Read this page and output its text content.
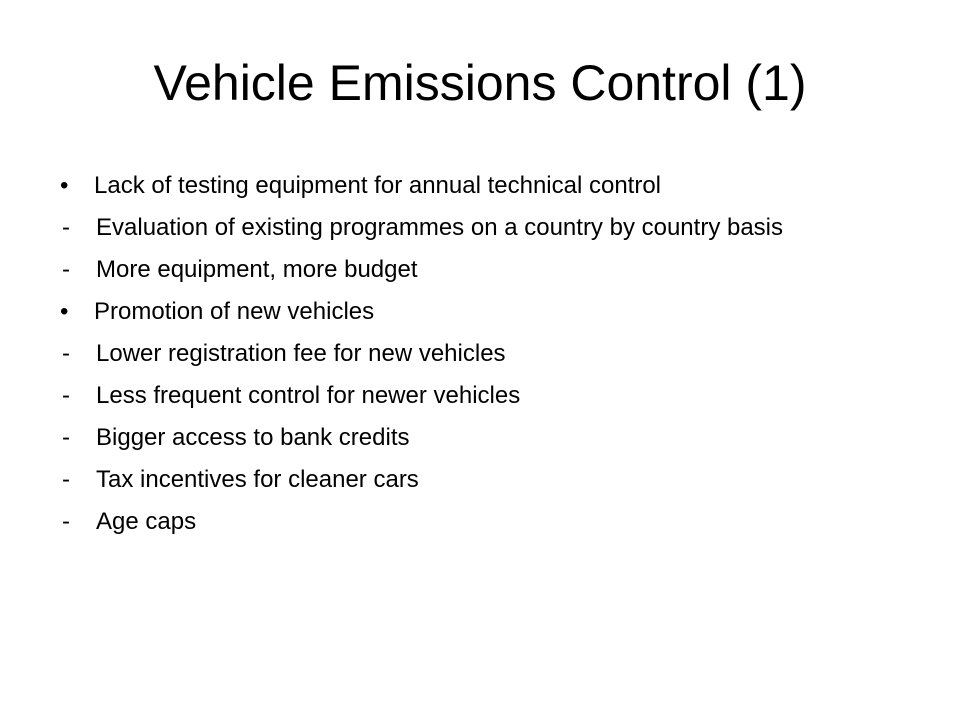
Vehicle Emissions Control (1)
•	Lack of testing equipment for annual technical control
-	Evaluation of existing programmes on a country by country basis
-	More equipment, more budget
•	Promotion of new vehicles
-	Lower registration fee for new vehicles
-	Less frequent control for newer vehicles
-	Bigger access to bank credits
-	Tax incentives for cleaner cars
-	Age caps
